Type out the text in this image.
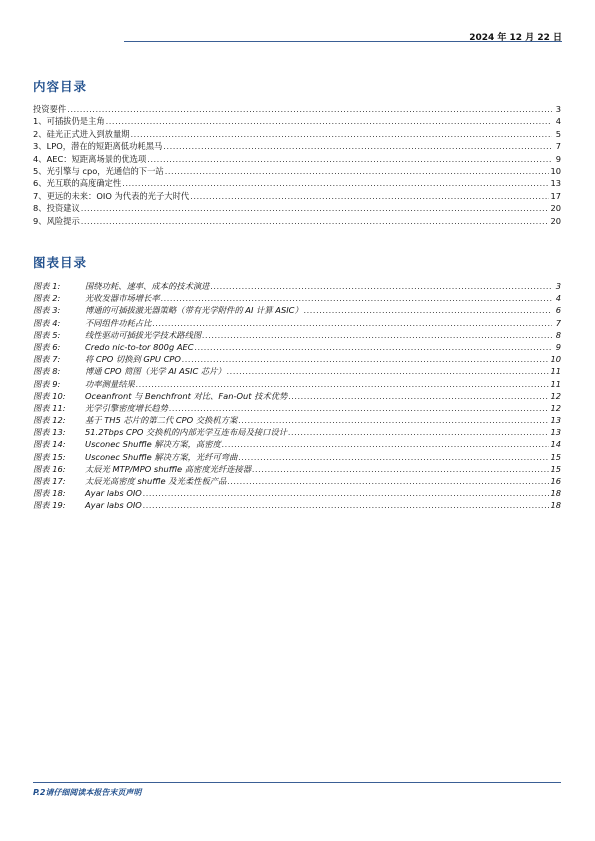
2024 年 12 月 22 日
内容目录
投资要件 .....	3
1、可插拔仍是主角 .....	4
2、硅光正式进入到放量期 .....	5
3、LPO，潜在的短距离低功耗黑马 .....	7
4、AEC：短距离场景的优选项 .....	9
5、光引擎与 cpo，光通信的下一站 .....	10
6、光互联的高度确定性 .....	13
7、更远的未来：OIO 为代表的光子大时代 .....	17
8、投资建议 .....	20
9、风险提示 .....	20
图表目录
图表 1:	围绕功耗、速率、成本的技术演进 .....	3
图表 2:	光收发器市场增长率 .....	4
图表 3:	博通的可插拔激光器策略（带有光学附件的 AI 计算 ASIC） .....	6
图表 4:	不同组件功耗占比 .....	7
图表 5:	线性驱动可插拔光学技术路线图 .....	8
图表 6:	Credo nic-to-tor 800g AEC .....	9
图表 7:	将 CPO 切换到 GPU CPO .....	10
图表 8:	博通 CPO 简图（光学 AI ASIC 芯片） .....	11
图表 9:	功率测量结果 .....	11
图表 10: Oceanfront 与 Benchfront 对比、Fan-Out 技术优势 .....	12
图表 11: 光学引擎密度增长趋势 .....	12
图表 12: 基于 TH5 芯片的第二代 CPO 交换机方案 .....	13
图表 13: 51.2Tbps CPO 交换机的内部光学互连布局及接口设计 .....	13
图表 14: Usconec Shuffle 解决方案，高密度 .....	14
图表 15: Usconec Shuffle 解决方案，光纤可弯曲 .....	15
图表 16: 太辰光 MTP/MPO shuffle 高密度光纤连接器 .....	15
图表 17: 太辰光高密度 shuffle 及光柔性板产品 .....	16
图表 18: Ayar labs OIO .....	18
图表 19: Ayar labs OIO .....	18
P.2请仔细阅读本报告末页声明
